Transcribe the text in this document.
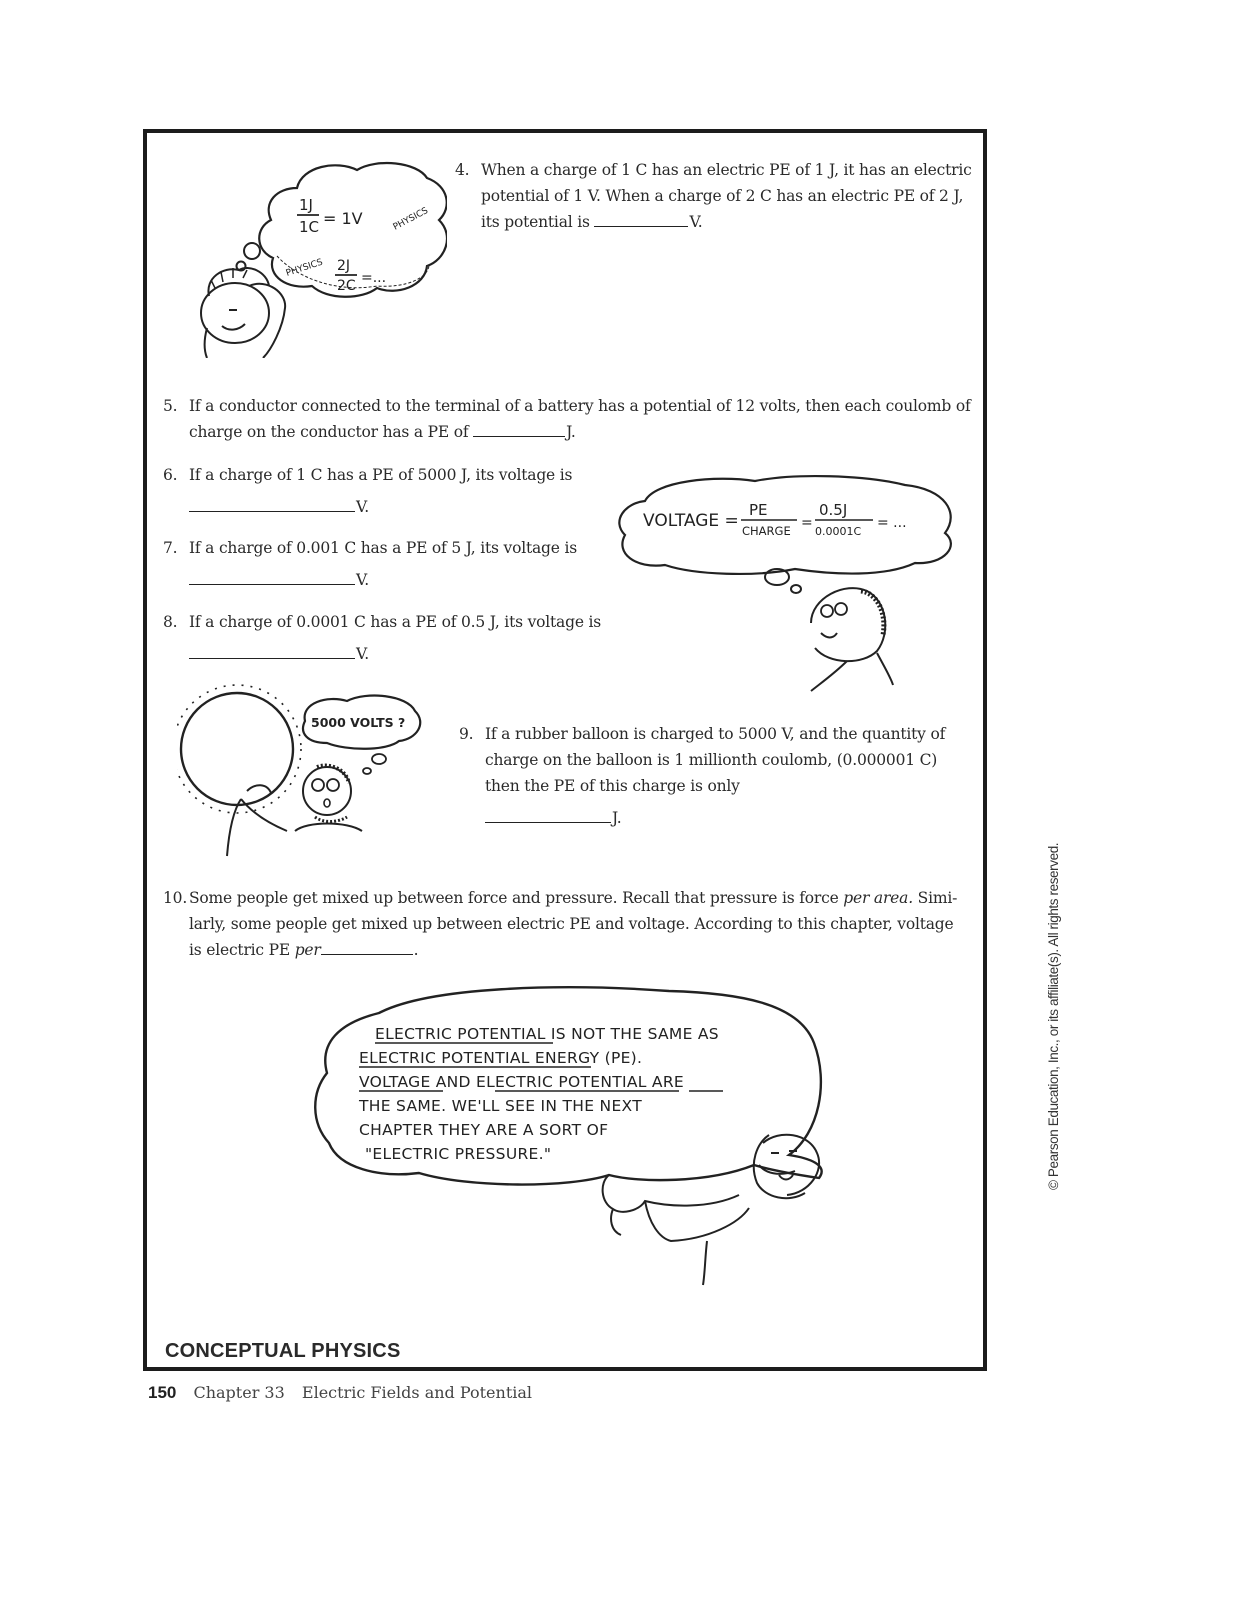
1J
1C = 1V
2J
2C =...
PHYSICS
PHYSICS
4. When a charge of 1 C has an electric PE of 1 J, it has an electric potential of 1 V. When a charge of 2 C has an electric PE of 2 J, its potential is	V.
5. If a conductor connected to the terminal of a battery has a potential of 12 volts, then each coulomb of charge on the conductor has a PE of	J.
6. If a charge of 1 C has a PE of 5000 J, its voltage is
V.
7. If a charge of 0.001 C has a PE of 5 J, its voltage is
V.
8. If a charge of 0.0001 C has a PE of 0.5 J, its voltage is
V.
VOLTAGE =
PE
CHARGE =
0.5J
0.0001C
= ...
5000 VOLTS ?
9. If a rubber balloon is charged to 5000 V, and the quantity of charge on the balloon is 1 millionth coulomb, (0.000001 C) then the PE of this charge is only
J.
10. Some people get mixed up between force and pressure. Recall that pressure is force per area. Simi-larly, some people get mixed up between electric PE and voltage. According to this chapter, voltage is electric PE per	.
ELECTRIC POTENTIAL IS NOT THE SAME AS
ELECTRIC POTENTIAL ENERGY (PE).
VOLTAGE AND ELECTRIC POTENTIAL ARE
THE SAME. WE'LL SEE IN THE NEXT
CHAPTER THEY ARE A SORT OF
"ELECTRIC PRESSURE."
CONCEPTUAL PHYSICS
150 Chapter 33 Electric Fields and Potential
© Pearson Education, Inc., or its affiliate(s). All rights reserved.
